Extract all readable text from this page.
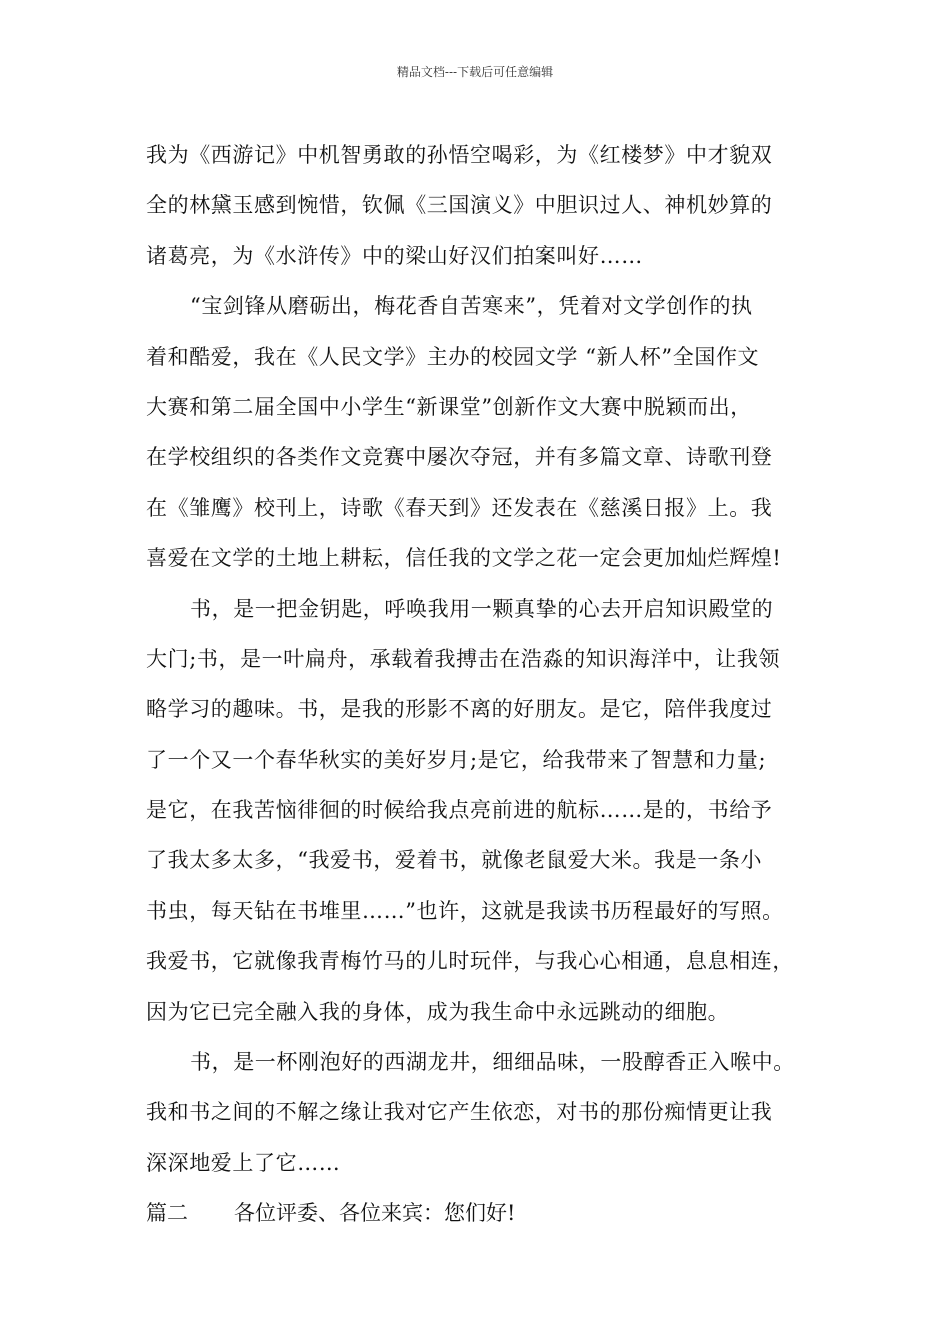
精品文档---下载后可任意编辑
我为《西游记》中机智勇敢的孙悟空喝彩，为《红楼梦》中才貌双
全的林黛玉感到惋惜，钦佩《三国演义》中胆识过人、神机妙算的
诸葛亮，为《水浒传》中的梁山好汉们拍案叫好……
“宝剑锋从磨砺出，梅花香自苦寒来”，凭着对文学创作的执
着和酷爱，我在《人民文学》主办的校园文学 “新人杯”全国作文
大赛和第二届全国中小学生“新课堂”创新作文大赛中脱颖而出，
在学校组织的各类作文竞赛中屡次夺冠，并有多篇文章、诗歌刊登
在《雏鹰》校刊上，诗歌《春天到》还发表在《慈溪日报》上。我
喜爱在文学的土地上耕耘，信任我的文学之花一定会更加灿烂辉煌!
书，是一把金钥匙，呼唤我用一颗真挚的心去开启知识殿堂的
大门;书，是一叶扁舟，承载着我搏击在浩淼的知识海洋中，让我领
略学习的趣味。书，是我的形影不离的好朋友。是它，陪伴我度过
了一个又一个春华秋实的美好岁月;是它，给我带来了智慧和力量;
是它，在我苦恼徘徊的时候给我点亮前进的航标……是的，书给予
了我太多太多，“我爱书，爱着书，就像老鼠爱大米。我是一条小
书虫，每天钻在书堆里……”也许，这就是我读书历程最好的写照。
我爱书，它就像我青梅竹马的儿时玩伴，与我心心相通，息息相连，
因为它已完全融入我的身体，成为我生命中永远跳动的细胞。
书，是一杯刚泡好的西湖龙井，细细品味，一股醇香正入喉中。
我和书之间的不解之缘让我对它产生依恋，对书的那份痴情更让我
深深地爱上了它……
篇二	各位评委、各位来宾：您们好!
